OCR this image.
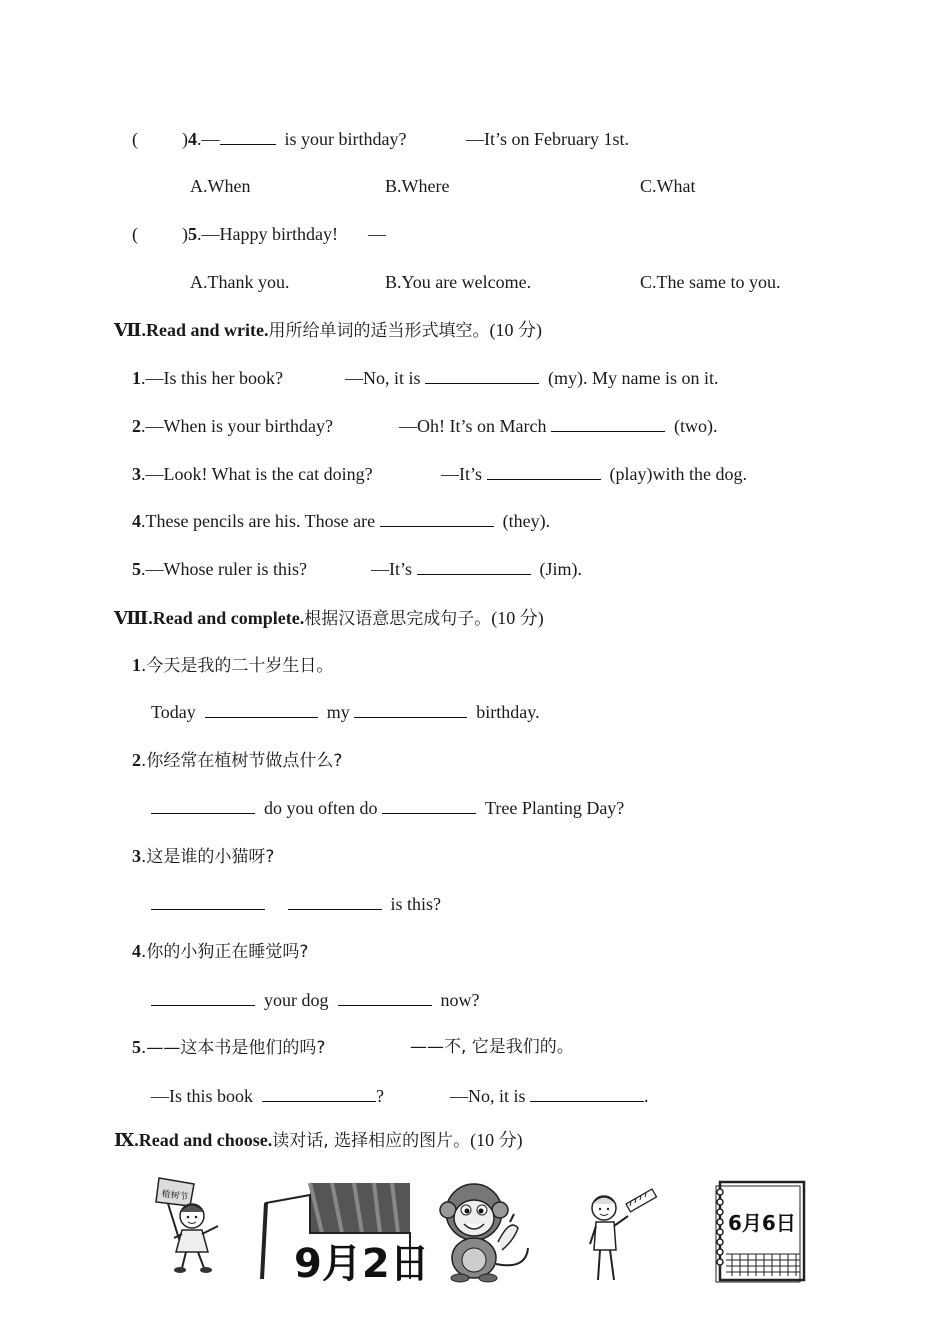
( )4.—	is your birthday?	—It’s on February 1st.
A.When	B.Where	C.What
( )5.—Happy birthday! —
A.Thank you.	B.You are welcome.	C.The same to you.
Ⅶ.Read and write.用所给单词的适当形式填空。(10 分)
1.—Is this her book?	—No, it is	(my). My name is on it.
2.—When is your birthday?	—Oh! It’s on March	(two).
3.—Look! What is the cat doing?	—It’s	(play)with the dog.
4.These pencils are his. Those are	(they).
5.—Whose ruler is this?	—It’s	(Jim).
Ⅷ.Read and complete.根据汉语意思完成句子。(10 分)
1.今天是我的二十岁生日。
Today	my	birthday.
2.你经常在植树节做点什么?
do you often do	Tree Planting Day?
3.这是谁的小猫呀?
is this?
4.你的小狗正在睡觉吗?
your dog	now?
5.——这本书是他们的吗?	——不, 它是我们的。
—Is this book	?	—No, it is	.
Ⅸ.Read and choose.读对话, 选择相应的图片。(10 分)
植树节
9月2日
6月6日
